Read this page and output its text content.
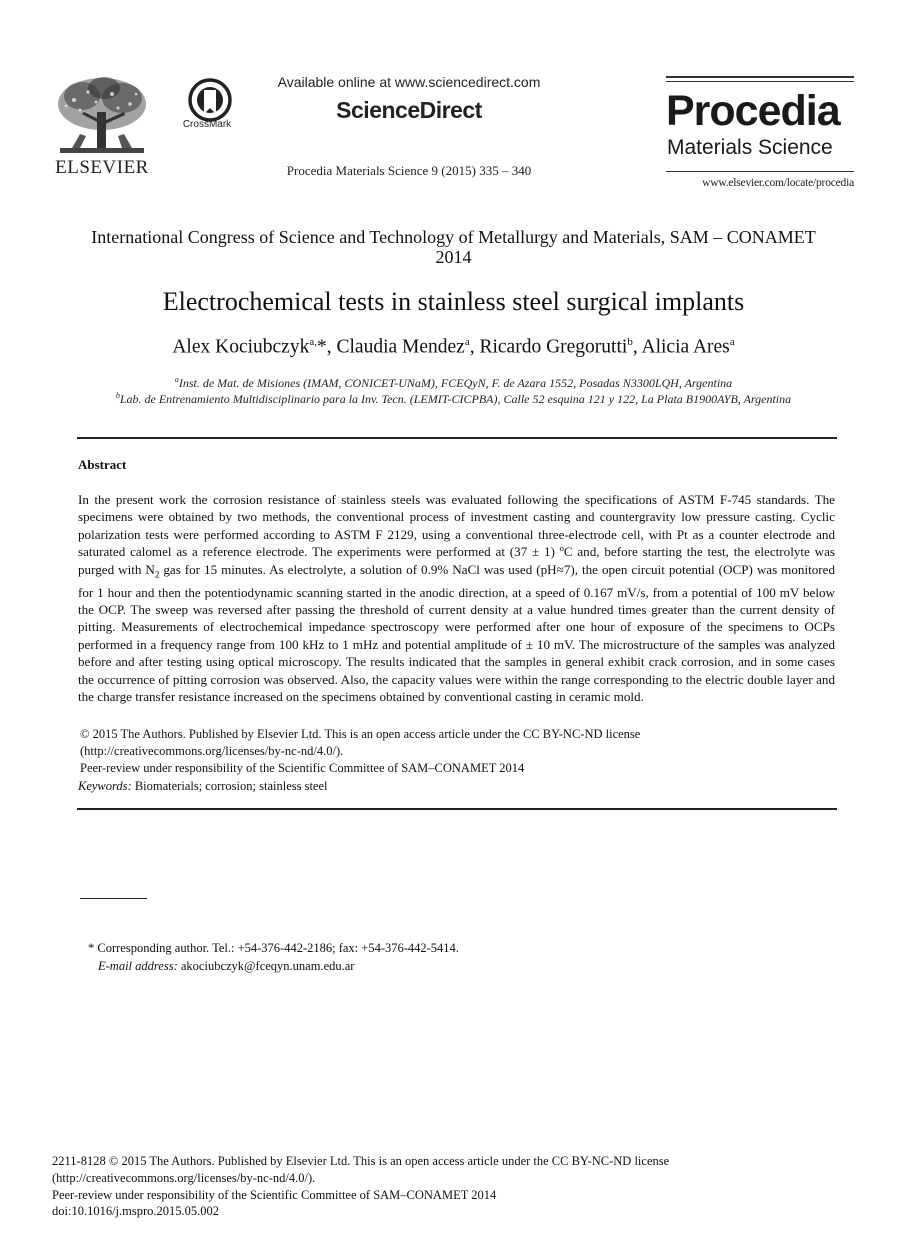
ELSEVIER
CrossMark
Available online at www.sciencedirect.com
ScienceDirect
Procedia Materials Science 9 (2015) 335 – 340
Procedia
Materials Science
www.elsevier.com/locate/procedia
International Congress of Science and Technology of Metallurgy and Materials, SAM – CONAMET 2014
Electrochemical tests in stainless steel surgical implants
Alex Kociubczyk$^{a,}$*, Claudia Mendez$^a$, Ricardo Gregorutti$^b$, Alicia Ares$^a$
$^a$Inst. de Mat. de Misiones (IMAM, CONICET-UNaM), FCEQyN, F. de Azara 1552, Posadas N3300LQH, Argentina
$^b$Lab. de Entrenamiento Multidisciplinario para la Inv. Tecn. (LEMIT-CICPBA), Calle 52 esquina 121 y 122, La Plata B1900AYB, Argentina
Abstract
In the present work the corrosion resistance of stainless steels was evaluated following the specifications of ASTM F-745 standards. The specimens were obtained by two methods, the conventional process of investment casting and countergravity low pressure casting. Cyclic polarization tests were performed according to ASTM F 2129, using a conventional three-electrode cell, with Pt as a counter electrode and saturated calomel as a reference electrode. The experiments were performed at (37 ± 1) ºC and, before starting the test, the electrolyte was purged with $N_2$ gas for 15 minutes. As electrolyte, a solution of 0.9% NaCl was used (pH≈7), the open circuit potential (OCP) was monitored for 1 hour and then the potentiodynamic scanning started in the anodic direction, at a speed of 0.167 mV/s, from a potential of 100 mV below the OCP. The sweep was reversed after passing the threshold of current density at a value hundred times greater than the current density of pitting. Measurements of electrochemical impedance spectroscopy were performed after one hour of exposure of the specimens to OCPs performed in a frequency range from 100 kHz to 1 mHz and potential amplitude of ± 10 mV. The microstructure of the samples was analyzed before and after testing using optical microscopy. The results indicated that the samples in general exhibit crack corrosion, and in some cases the occurrence of pitting corrosion was observed. Also, the capacity values were within the range corresponding to the electric double layer and the charge transfer resistance increased on the specimens obtained by conventional casting in ceramic mold.
© 2015 The Authors. Published by Elsevier Ltd. This is an open access article under the CC BY-NC-ND license
(http://creativecommons.org/licenses/by-nc-nd/4.0/).
Peer-review under responsibility of the Scientific Committee of SAM–CONAMET 2014
Keywords: Biomaterials; corrosion; stainless steel
* Corresponding author. Tel.: +54-376-442-2186; fax: +54-376-442-5414.
E-mail address: akociubczyk@fceqyn.unam.edu.ar
2211-8128 © 2015 The Authors. Published by Elsevier Ltd. This is an open access article under the CC BY-NC-ND license
(http://creativecommons.org/licenses/by-nc-nd/4.0/).
Peer-review under responsibility of the Scientific Committee of SAM–CONAMET 2014
doi:10.1016/j.mspro.2015.05.002
